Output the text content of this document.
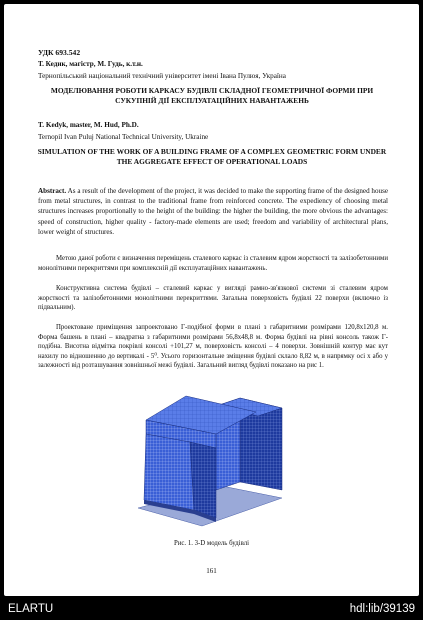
УДК 693.542
Т. Кедик, магістр, М. Гудь, к.т.н.
Тернопільський національний технічний університет імені Івана Пулюя, Україна
МОДЕЛЮВАННЯ РОБОТИ КАРКАСУ БУДІВЛІ СКЛАДНОЇ ГЕОМЕТРИЧНОЇ ФОРМИ ПРИ СУКУПНІЙ ДІЇ ЕКСПЛУАТАЦІЙНИХ НАВАНТАЖЕНЬ
T. Kedyk, master, M. Hud, Ph.D.
Ternopil Ivan Puluj National Technical University, Ukraine
SIMULATION OF THE WORK OF A BUILDING FRAME OF A COMPLEX GEOMETRIC FORM UNDER THE AGGREGATE EFFECT OF OPERATIONAL LOADS
Abstract. As a result of the development of the project, it was decided to make the supporting frame of the designed house from metal structures, in contrast to the traditional frame from reinforced concrete. The expediency of choosing metal structures increases proportionally to the height of the building: the higher the building, the more obvious the advantages: speed of construction, higher quality - factory-made elements are used; freedom and variability of architectural plans, lower weight of structures.
Метою даної роботи є визначення переміщень сталевого каркас із сталевим ядром жорсткості та залізобетонними монолітними перекриттями при комплексній дії експлуатаційних навантажень.
Конструктивна система будівлі – сталевий каркас у вигляді рамно-зв'язкової системи зі сталевим ядром жорсткості та залізобетонними монолітними перекриттями. Загальна поверховість будівлі 22 поверхи (включно із підвальним).
Проектоване приміщення запроектовано Г-подібної форми в плані з габаритними розмірами 120,8x120,8 м. Форма башень в плані – квадратна з габаритними розмірами 56,8x48,8 м. Форма будівлі на рівні консоль також Г-подібна. Висотна відмітка покрівлі консолі +101,27 м, поверховість консолі – 4 поверхи. Зовнішній контур має кут нахилу по відношенню до вертикалі - 5⁰. Усього горизонтальне зміщення будівлі склало 8,82 м, в напрямку осі x або у залежності від розташування зовнішньої межі будівлі. Загальний вигляд будівлі показано на рис 1.
Рис. 1. 3-D модель будівлі
161
ELARTU	hdl:lib/39139
